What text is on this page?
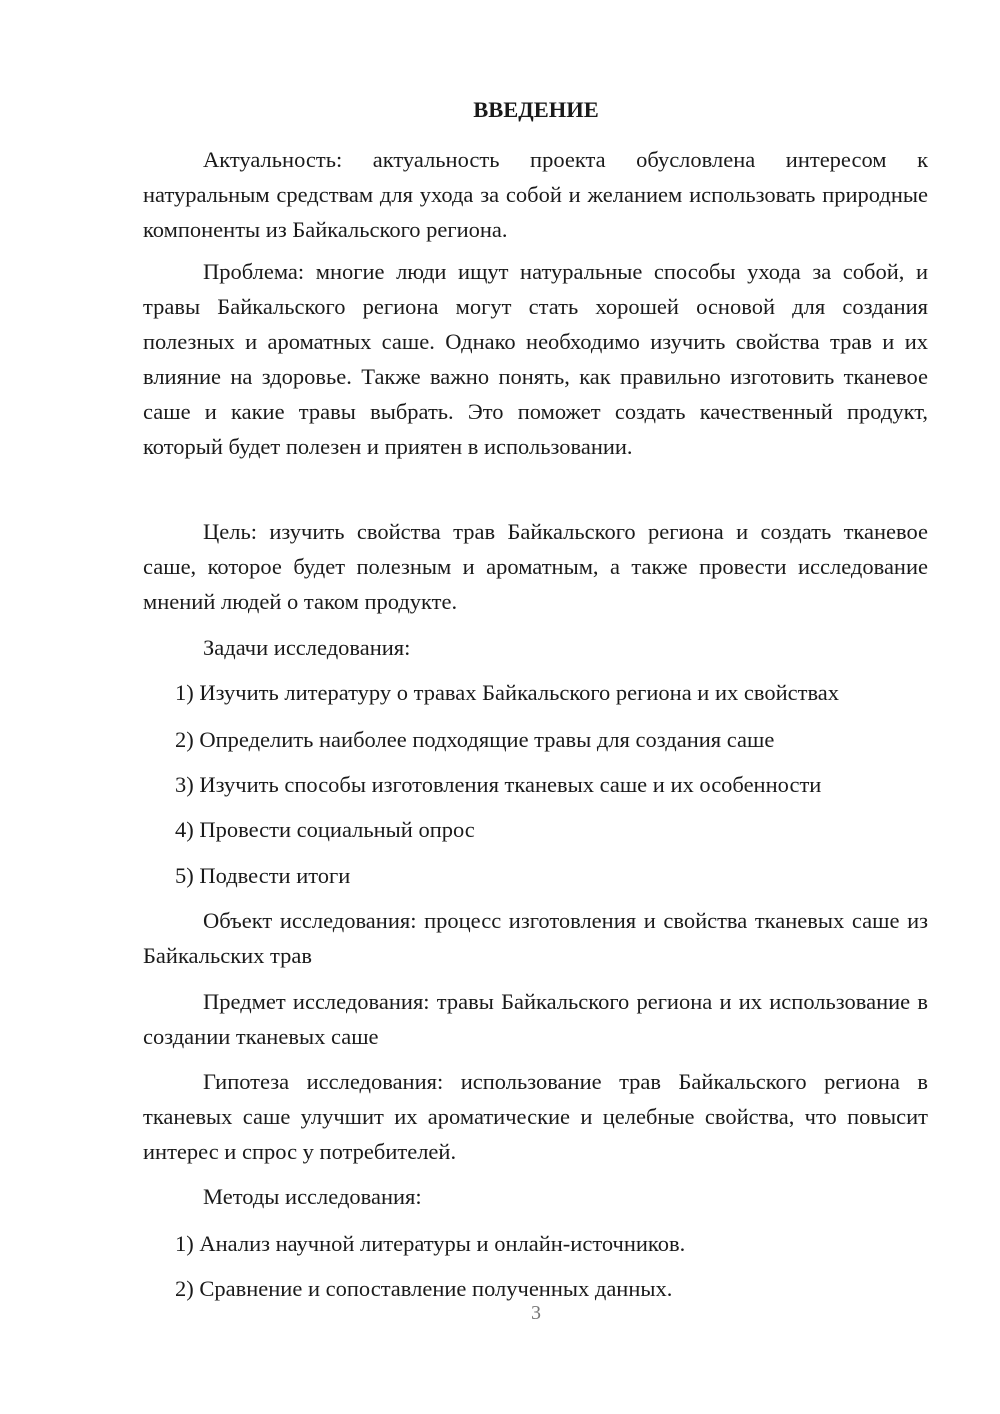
ВВЕДЕНИЕ
Актуальность: актуальность проекта обусловлена интересом к натуральным средствам для ухода за собой и желанием использовать природные компоненты из Байкальского региона.
Проблема: многие люди ищут натуральные способы ухода за собой, и травы Байкальского региона могут стать хорошей основой для создания полезных и ароматных саше. Однако необходимо изучить свойства трав и их влияние на здоровье. Также важно понять, как правильно изготовить тканевое саше и какие травы выбрать. Это поможет создать качественный продукт, который будет полезен и приятен в использовании.
Цель: изучить свойства трав Байкальского региона и создать тканевое саше, которое будет полезным и ароматным, а также провести исследование мнений людей о таком продукте.
Задачи исследования:
1) Изучить литературу о травах Байкальского региона и их свойствах
2) Определить наиболее подходящие травы для создания саше
3) Изучить способы изготовления тканевых саше и их особенности
4) Провести социальный опрос
5) Подвести итоги
Объект исследования: процесс изготовления и свойства тканевых саше из Байкальских трав
Предмет исследования: травы Байкальского региона и их использование в создании тканевых саше
Гипотеза исследования: использование трав Байкальского региона в тканевых саше улучшит их ароматические и целебные свойства, что повысит интерес и спрос у потребителей.
Методы исследования:
1) Анализ научной литературы и онлайн-источников.
2) Сравнение и сопоставление полученных данных.
3
